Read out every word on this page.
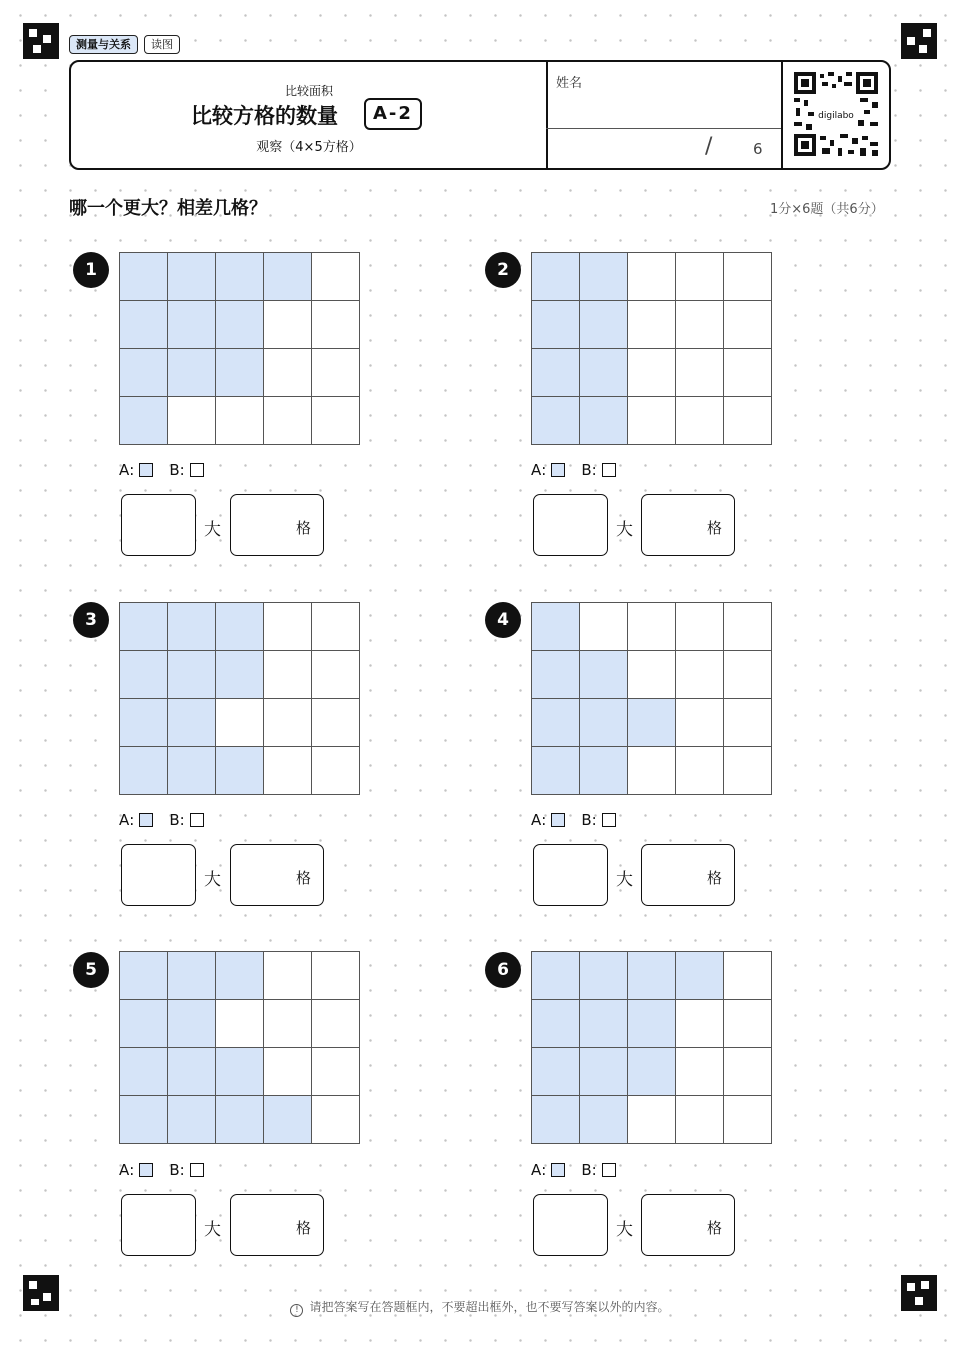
测量与关系	读图
比较面积
比较方格的数量	A-2
观察（4×5方格）
姓名
/	6
digilabo
哪一个更大？相差几格？	1分×6题（共6分）
1
A: B:
大	格
2
A: B:
大	格
3
A: B:
大	格
4
A: B:
大	格
5
A: B:
大	格
6
A: B:
大	格
! 请把答案写在答题框内，不要超出框外，也不要写答案以外的内容。
